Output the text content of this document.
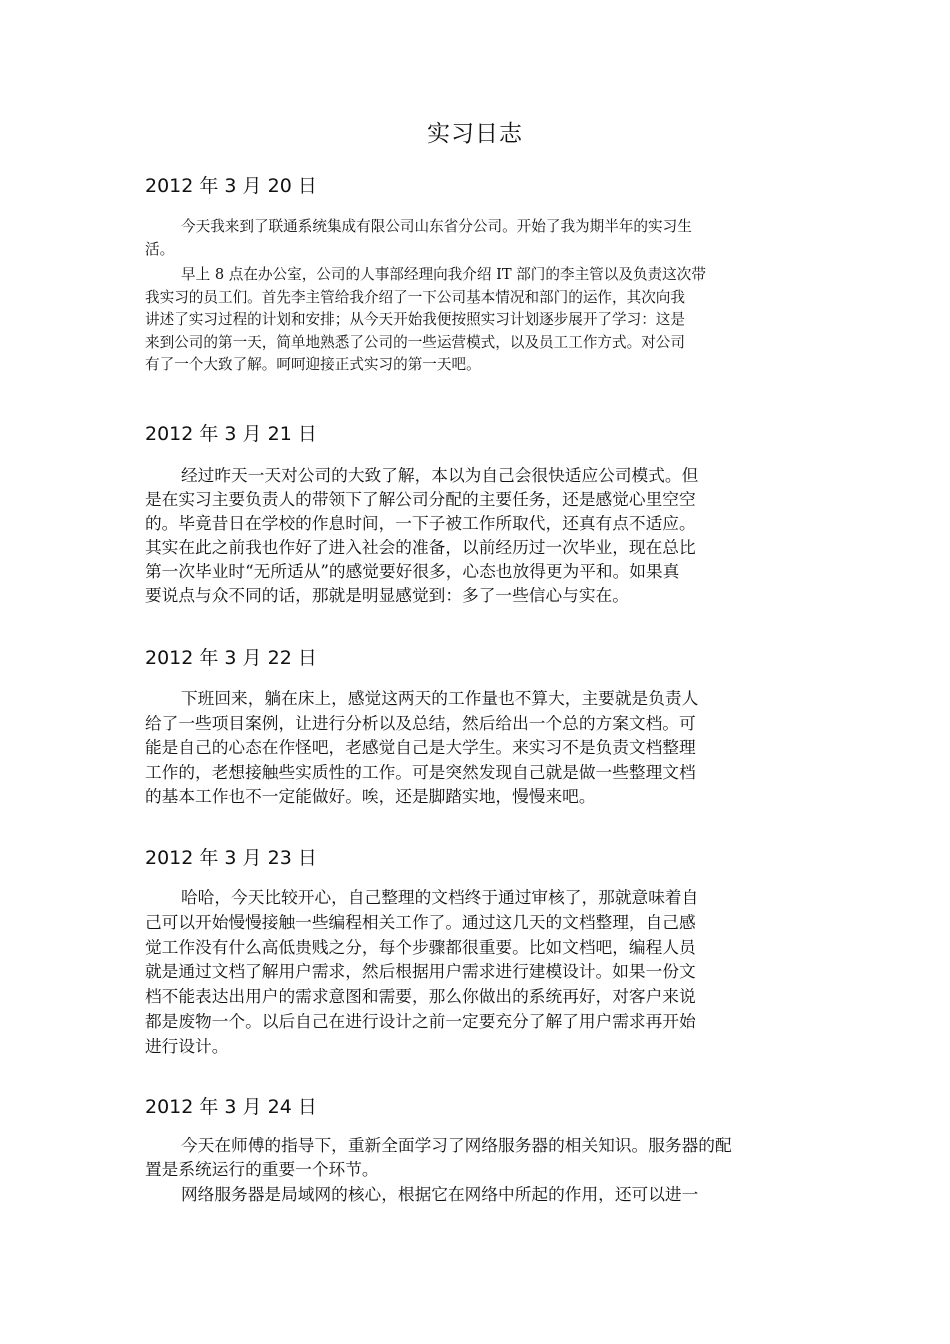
实习日志
2012 年 3 月 20 日
今天我来到了联通系统集成有限公司山东省分公司。开始了我为期半年的实习生
活。
早上 8 点在办公室，公司的人事部经理向我介绍 IT 部门的李主管以及负责这次带
我实习的员工们。首先李主管给我介绍了一下公司基本情况和部门的运作，其次向我
讲述了实习过程的计划和安排；从今天开始我便按照实习计划逐步展开了学习：这是
来到公司的第一天，简单地熟悉了公司的一些运营模式，以及员工工作方式。对公司
有了一个大致了解。呵呵迎接正式实习的第一天吧。
2012 年 3 月 21 日
经过昨天一天对公司的大致了解，本以为自己会很快适应公司模式。但
是在实习主要负责人的带领下了解公司分配的主要任务，还是感觉心里空空
的。毕竟昔日在学校的作息时间，一下子被工作所取代，还真有点不适应。
其实在此之前我也作好了进入社会的准备，以前经历过一次毕业，现在总比
第一次毕业时“无所适从”的感觉要好很多，心态也放得更为平和。如果真
要说点与众不同的话，那就是明显感觉到：多了一些信心与实在。
2012 年 3 月 22 日
下班回来，躺在床上，感觉这两天的工作量也不算大，主要就是负责人
给了一些项目案例，让进行分析以及总结，然后给出一个总的方案文档。可
能是自己的心态在作怪吧，老感觉自己是大学生。来实习不是负责文档整理
工作的，老想接触些实质性的工作。可是突然发现自己就是做一些整理文档
的基本工作也不一定能做好。唉，还是脚踏实地，慢慢来吧。
2012 年 3 月 23 日
哈哈，今天比较开心，自己整理的文档终于通过审核了，那就意味着自
己可以开始慢慢接触一些编程相关工作了。通过这几天的文档整理，自己感
觉工作没有什么高低贵贱之分，每个步骤都很重要。比如文档吧，编程人员
就是通过文档了解用户需求，然后根据用户需求进行建模设计。如果一份文
档不能表达出用户的需求意图和需要，那么你做出的系统再好，对客户来说
都是废物一个。以后自己在进行设计之前一定要充分了解了用户需求再开始
进行设计。
2012 年 3 月 24 日
今天在师傅的指导下，重新全面学习了网络服务器的相关知识。服务器的配
置是系统运行的重要一个环节。
网络服务器是局域网的核心，根据它在网络中所起的作用，还可以进一
